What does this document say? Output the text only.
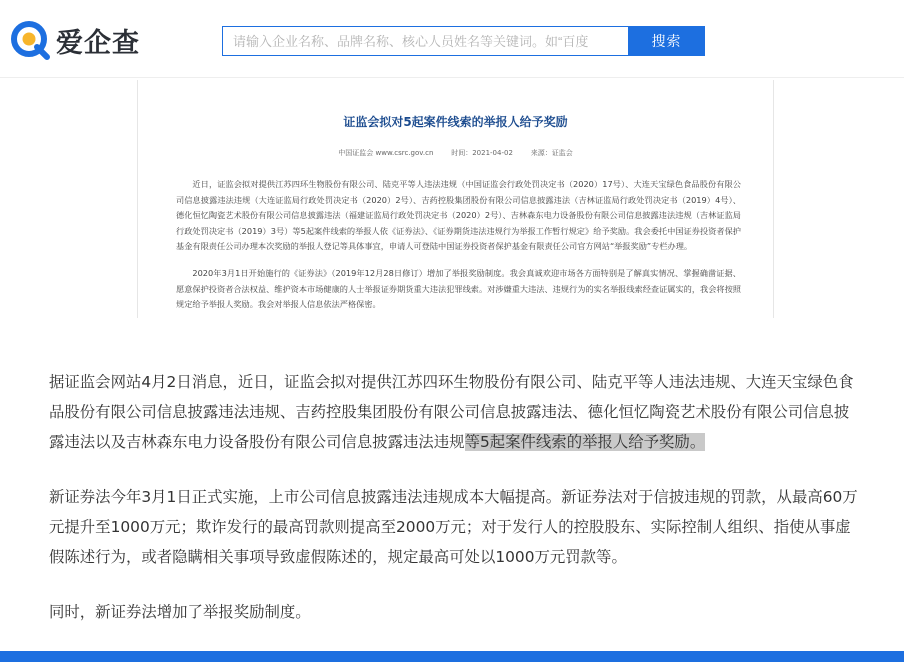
爱企查
请输入企业名称、品牌名称、核心人员姓名等关键词。如“百度	搜索
证监会拟对5起案件线索的举报人给予奖励
中国证监会 www.csrc.gov.cn	时间：2021-04-02	来源：证监会
近日，证监会拟对提供江苏四环生物股份有限公司、陆克平等人违法违规（中国证监会行政处罚决定书（2020）17号）、大连天宝绿色食品股份有限公司信息披露违法违规（大连证监局行政处罚决定书（2020）2号）、吉药控股集团股份有限公司信息披露违法（吉林证监局行政处罚决定书（2019）4号）、德化恒忆陶瓷艺术股份有限公司信息披露违法（福建证监局行政处罚决定书（2020）2号）、吉林森东电力设备股份有限公司信息披露违法违规（吉林证监局行政处罚决定书（2019）3号）等5起案件线索的举报人依《证券法》、《证券期货违法违规行为举报工作暂行规定》给予奖励。我会委托中国证券投资者保护基金有限责任公司办理本次奖励的举报人登记等具体事宜，申请人可登陆中国证券投资者保护基金有限责任公司官方网站“举报奖励”专栏办理。
2020年3月1日开始施行的《证券法》（2019年12月28日修订）增加了举报奖励制度。我会真诚欢迎市场各方面特别是了解真实情况、掌握确凿证据、愿意保护投资者合法权益、维护资本市场健康的人士举报证券期货重大违法犯罪线索。对涉嫌重大违法、违规行为的实名举报线索经查证属实的，我会将按照规定给予举报人奖励。我会对举报人信息依法严格保密。

据证监会网站4月2日消息，近日，证监会拟对提供江苏四环生物股份有限公司、陆克平等人违法违规、大连天宝绿色食品股份有限公司信息披露违法违规、吉药控股集团股份有限公司信息披露违法、德化恒忆陶瓷艺术股份有限公司信息披露违法以及吉林森东电力设备股份有限公司信息披露违法违规等5起案件线索的举报人给予奖励。

新证券法今年3月1日正式实施，上市公司信息披露违法违规成本大幅提高。新证券法对于信披违规的罚款，从最高60万元提升至1000万元；欺诈发行的最高罚款则提高至2000万元；对于发行人的控股股东、实际控制人组织、指使从事虚假陈述行为，或者隐瞒相关事项导致虚假陈述的，规定最高可处以1000万元罚款等。

同时，新证券法增加了举报奖励制度。
